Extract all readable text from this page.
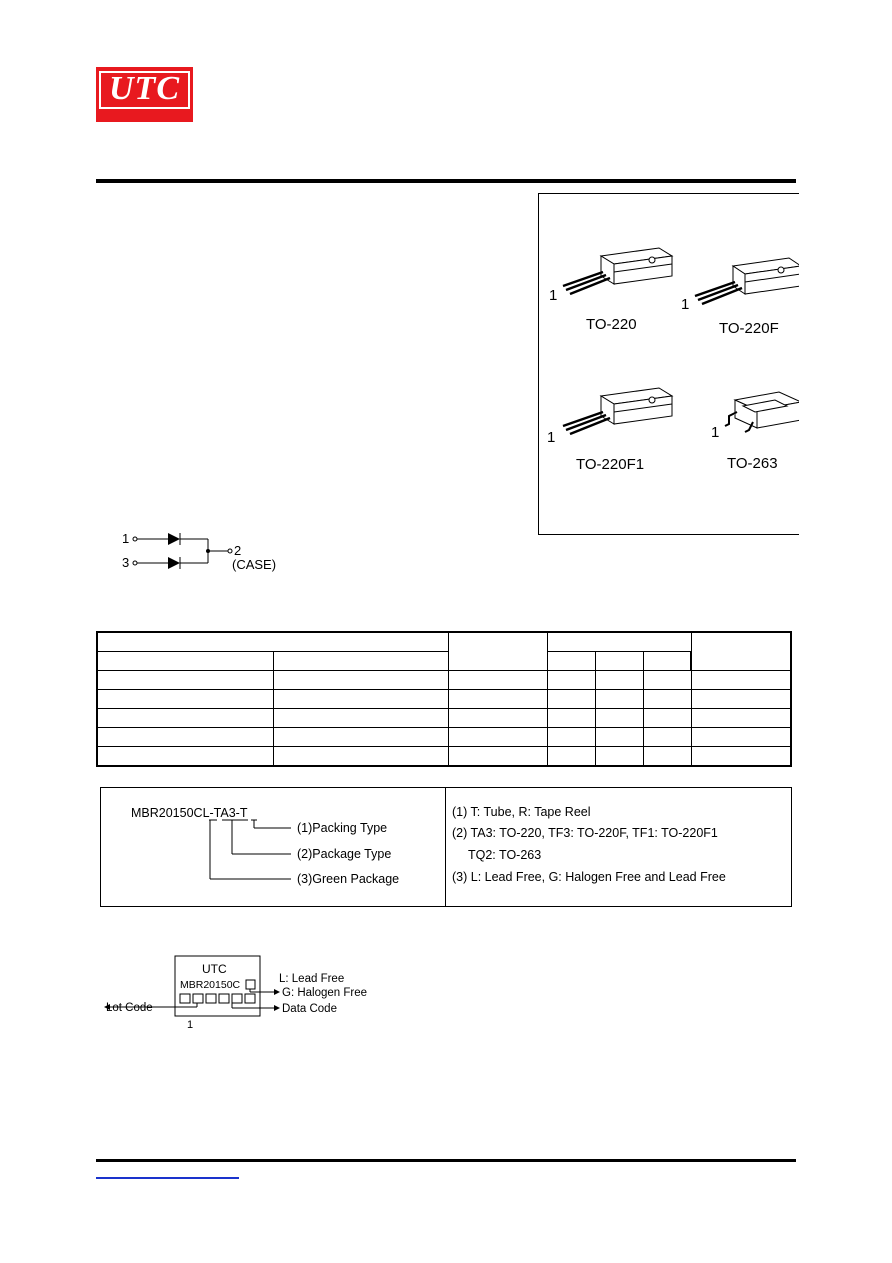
UTC
1
TO-220
1
TO-220F
1
TO-220F1
1
TO-263
1
3
2
(CASE)

MBR20150CL-TA3-T
(1)Packing Type
(2)Package Type
(3)Green Package
(1) T: Tube, R: Tape Reel
(2) TA3: TO-220, TF3: TO-220F, TF1: TO-220F1
TQ2: TO-263
(3) L: Lead Free, G: Halogen Free and Lead Free
UTC
MBR20150C	L: Lead Free
G: Halogen Free
Data Code
Lot Code
1
